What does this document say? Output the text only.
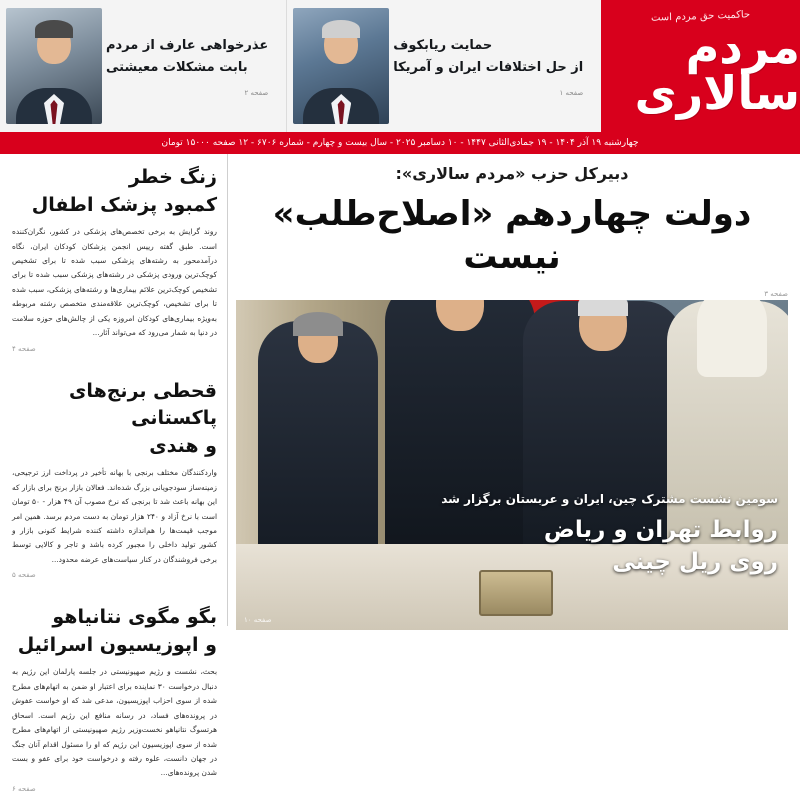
حاکمیت حق مردم است
مردم سالاری
حمایت ریابکوف
از حل اختلافات ایران و آمریکا
صفحه ۱
عذرخواهی عارف از مردم
بابت مشکلات معیشتی
صفحه ۲
چهارشنبه ۱۹ آذر ۱۴۰۴ - ۱۹ جمادی‌الثانی ۱۴۴۷ - ۱۰ دسامبر ۲۰۲۵ - سال بیست و چهارم - شماره ۶۷۰۶ - ۱۲ صفحه ۱۵۰۰۰ تومان
دبیرکل حزب «مردم سالاری»:
دولت چهاردهم «اصلاح‌طلب» نیست
صفحه ۳
سومین نشست مشترک چین، ایران و عربستان برگزار شد
روابط تهران و ریاض
روی ریل چینی
صفحه ۱۰
زنگ خطر
کمبود پزشک اطفال
روند گرایش به برخی تخصص‌های پزشکی در کشور، نگران‌کننده است. طبق گفته رییس انجمن پزشکان کودکان ایران، نگاه درآمدمحور به رشته‌های پزشکی سبب شده تا برای تشخیص کوچک‌ترین ورودی پزشکی در رشته‌های پزشکی سبب شده تا برای تشخیص کوچک‌ترین علائم بیماری‌ها و رشته‌های پزشکی، سبب شده تا برای تشخیص، کوچک‌ترین علاقه‌مندی متخصص رشته مربوطه به‌ویژه بیماری‌های کودکان امروزه یکی از چالش‌های حوزه سلامت در دنیا به شمار می‌رود که می‌تواند آثار...
صفحه ۴
قحطی برنج‌های پاکستانی
و هندی
واردکنندگان مختلف برنجی با بهانه‌ تأخیر در پرداخت ارز ترجیحی، زمینه‌ساز سودجویانی بزرگ شده‌اند. فعالان بازار برنج برای بازار که این بهانه باعث شد تا برنجی که نرخ مصوب آن ۴۹ هزار - ۵۰ تومان است با نرخ آزاد و ۲۴۰ هزار تومان به دست مردم برسد. همین امر موجب قیمت‌ها را هم‌اندازه داشته کننده شرایط کنونی بازار و کشور تولید داخلی را مجبور کرده باشد و تاجر و کالایی توسط برخی فروشندگان در کنار سیاست‌های عرضه محدود...
صفحه ۵
بگو مگوی نتانیاهو
و اپوزیسیون اسرائیل
بحث، نشست و رژیم صهیونیستی در جلسه پارلمان این رژیم به دنبال درخواست ۳۰ نماینده برای اعتبار او ضمن به اتهام‌های مطرح شده از سوی احزاب اپوزیسیون، مدعی شد که او خواست عفوش در پرونده‌های فساد، در رسانه منافع این رژیم است. اسحاق هرتسوگ نتانیاهو نخست‌وزیر رژیم صهیونیستی از اتهام‌های مطرح شده از سوی اپوزیسیون این رژیم که او را مسئول اقدام آنان جنگ در جهان دانست، علوه رفته و درخواست خود برای عفو و بست شدن پرونده‌های...
صفحه ۶
